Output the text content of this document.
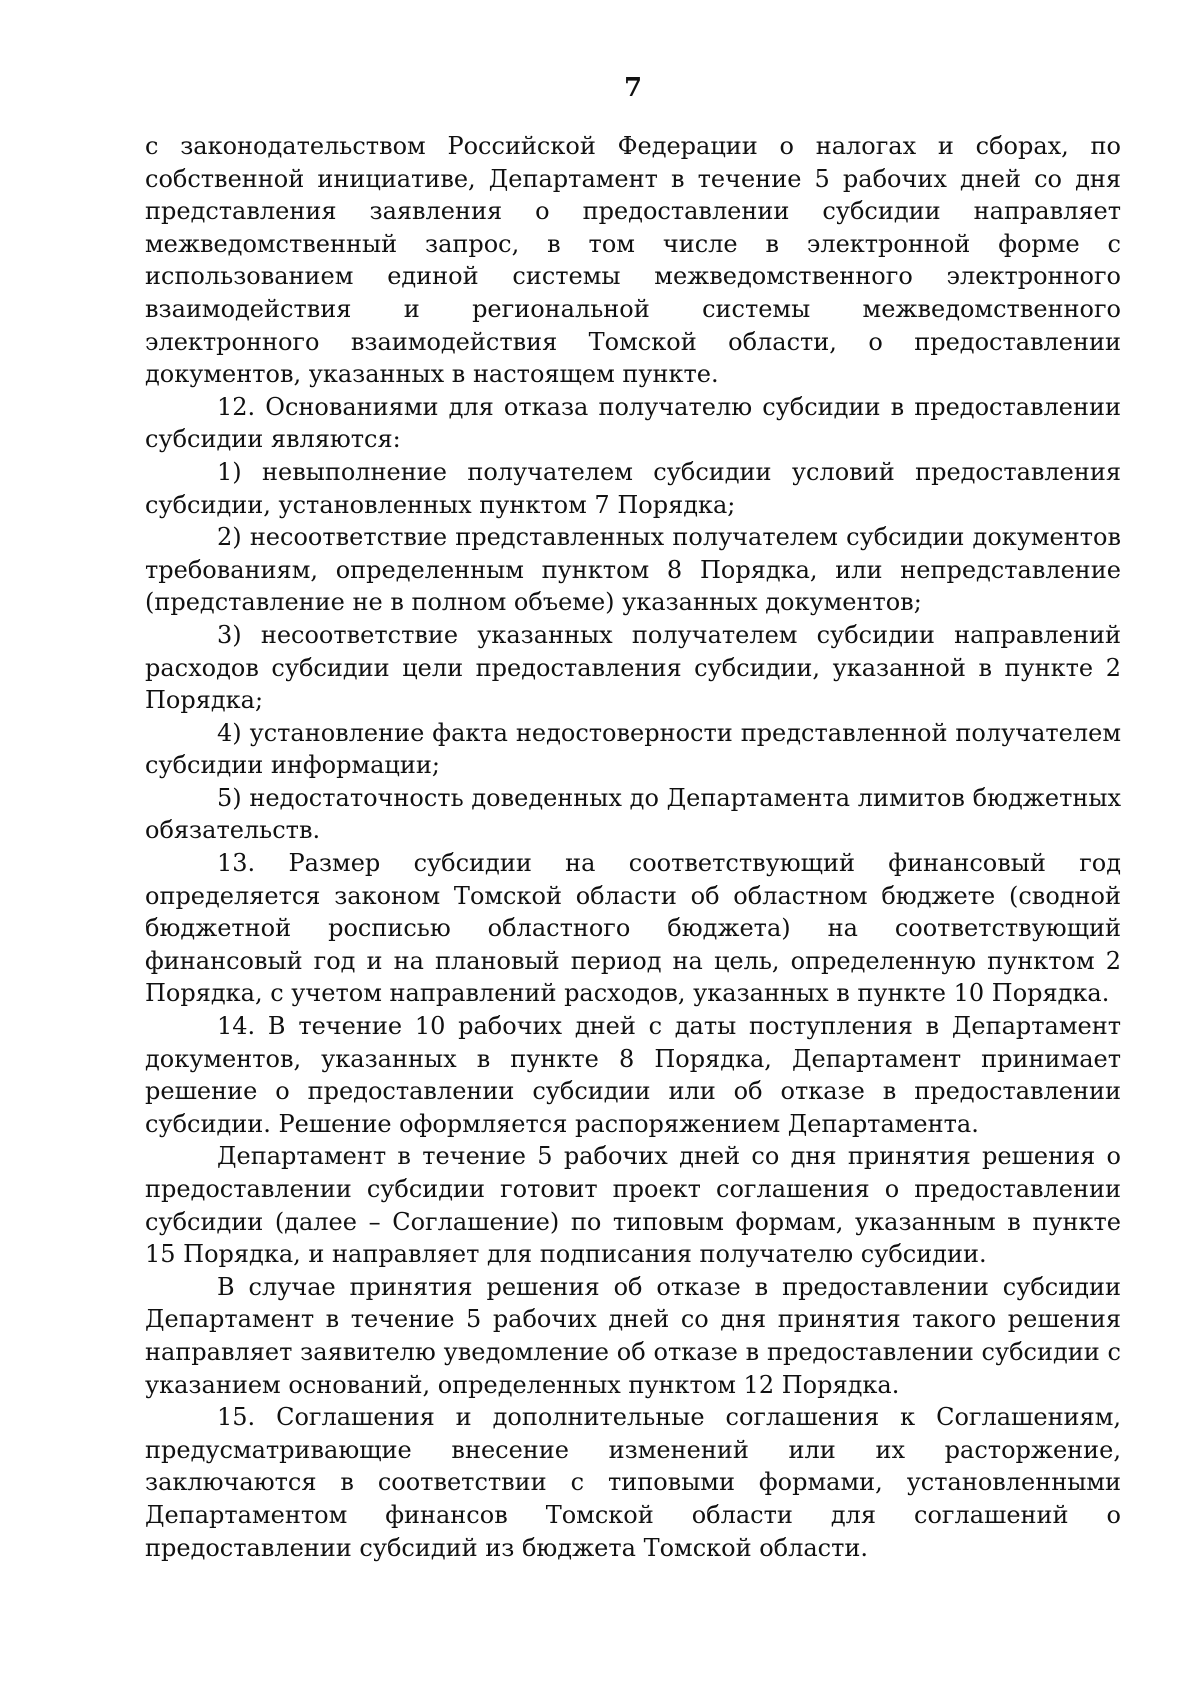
7

с законодательством Российской Федерации о налогах и сборах, по собственной инициативе, Департамент в течение 5 рабочих дней со дня представления заявления о предоставлении субсидии направляет межведомственный запрос, в том числе в электронной форме с использованием единой системы межведомственного электронного взаимодействия и региональной системы межведомственного электронного взаимодействия Томской области, о предоставлении документов, указанных в настоящем пункте.

12. Основаниями для отказа получателю субсидии в предоставлении субсидии являются:

1) невыполнение получателем субсидии условий предоставления субсидии, установленных пунктом 7 Порядка;

2) несоответствие представленных получателем субсидии документов требованиям, определенным пунктом 8 Порядка, или непредставление (представление не в полном объеме) указанных документов;

3) несоответствие указанных получателем субсидии направлений расходов субсидии цели предоставления субсидии, указанной в пункте 2 Порядка;

4) установление факта недостоверности представленной получателем субсидии информации;

5) недостаточность доведенных до Департамента лимитов бюджетных обязательств.

13. Размер субсидии на соответствующий финансовый год определяется законом Томской области об областном бюджете (сводной бюджетной росписью областного бюджета) на соответствующий финансовый год и на плановый период на цель, определенную пунктом 2 Порядка, с учетом направлений расходов, указанных в пункте 10 Порядка.

14. В течение 10 рабочих дней с даты поступления в Департамент документов, указанных в пункте 8 Порядка, Департамент принимает решение о предоставлении субсидии или об отказе в предоставлении субсидии. Решение оформляется распоряжением Департамента.

Департамент в течение 5 рабочих дней со дня принятия решения о предоставлении субсидии готовит проект соглашения о предоставлении субсидии (далее – Соглашение) по типовым формам, указанным в пункте 15 Порядка, и направляет для подписания получателю субсидии.

В случае принятия решения об отказе в предоставлении субсидии Департамент в течение 5 рабочих дней со дня принятия такого решения направляет заявителю уведомление об отказе в предоставлении субсидии с указанием оснований, определенных пунктом 12 Порядка.

15. Соглашения и дополнительные соглашения к Соглашениям, предусматривающие внесение изменений или их расторжение, заключаются в соответствии с типовыми формами, установленными Департаментом финансов Томской области для соглашений о предоставлении субсидий из бюджета Томской области.
